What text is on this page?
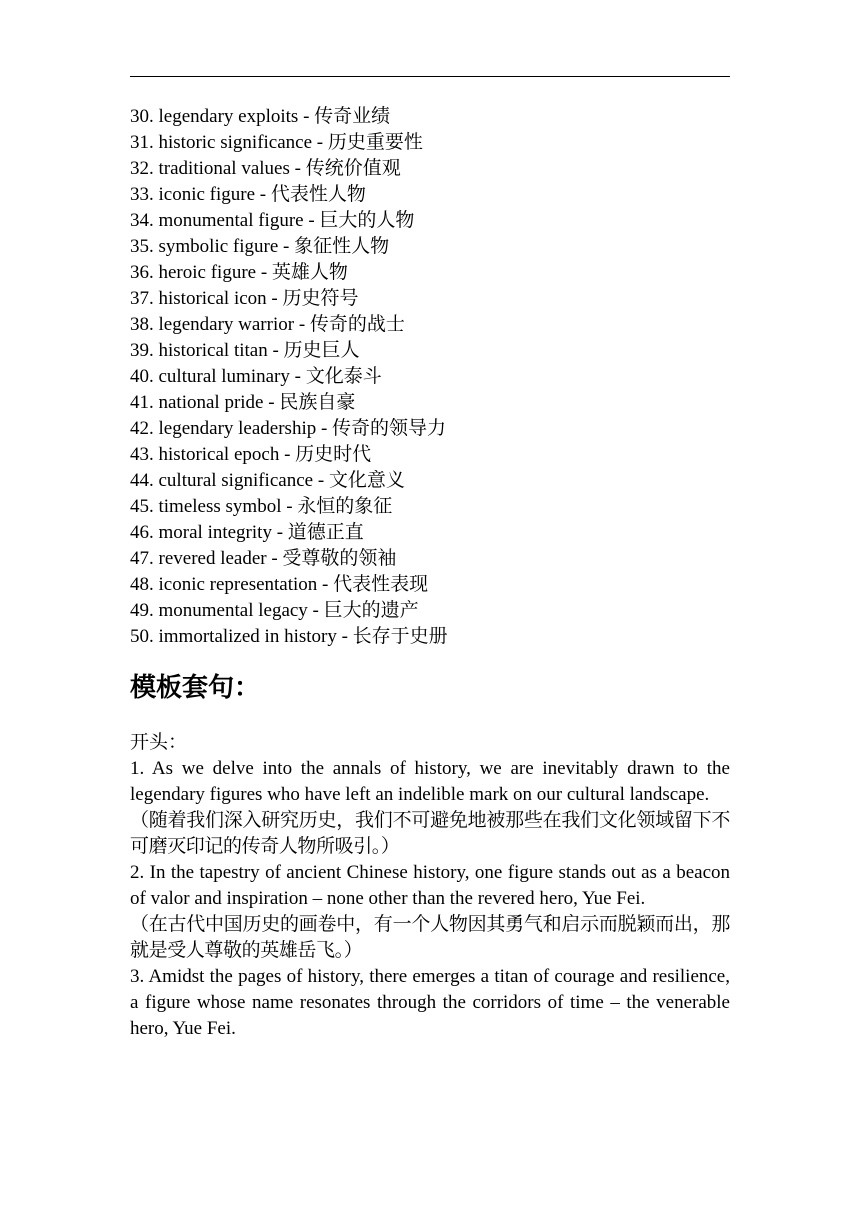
30. legendary exploits - 传奇业绩
31. historic significance - 历史重要性
32. traditional values - 传统价值观
33. iconic figure - 代表性人物
34. monumental figure - 巨大的人物
35. symbolic figure - 象征性人物
36. heroic figure - 英雄人物
37. historical icon - 历史符号
38. legendary warrior - 传奇的战士
39. historical titan - 历史巨人
40. cultural luminary - 文化泰斗
41. national pride - 民族自豪
42. legendary leadership - 传奇的领导力
43. historical epoch - 历史时代
44. cultural significance - 文化意义
45. timeless symbol - 永恒的象征
46. moral integrity - 道德正直
47. revered leader - 受尊敬的领袖
48. iconic representation - 代表性表现
49. monumental legacy - 巨大的遗产
50. immortalized in history - 长存于史册
模板套句：

开头：

1. As we delve into the annals of history, we are inevitably drawn to the legendary figures who have left an indelible mark on our cultural landscape.

（随着我们深入研究历史，我们不可避免地被那些在我们文化领域留下不可磨灭印记的传奇人物所吸引。）

2. In the tapestry of ancient Chinese history, one figure stands out as a beacon of valor and inspiration – none other than the revered hero, Yue Fei.

（在古代中国历史的画卷中，有一个人物因其勇气和启示而脱颖而出，那就是受人尊敬的英雄岳飞。）

3. Amidst the pages of history, there emerges a titan of courage and resilience, a figure whose name resonates through the corridors of time – the venerable hero, Yue Fei.
